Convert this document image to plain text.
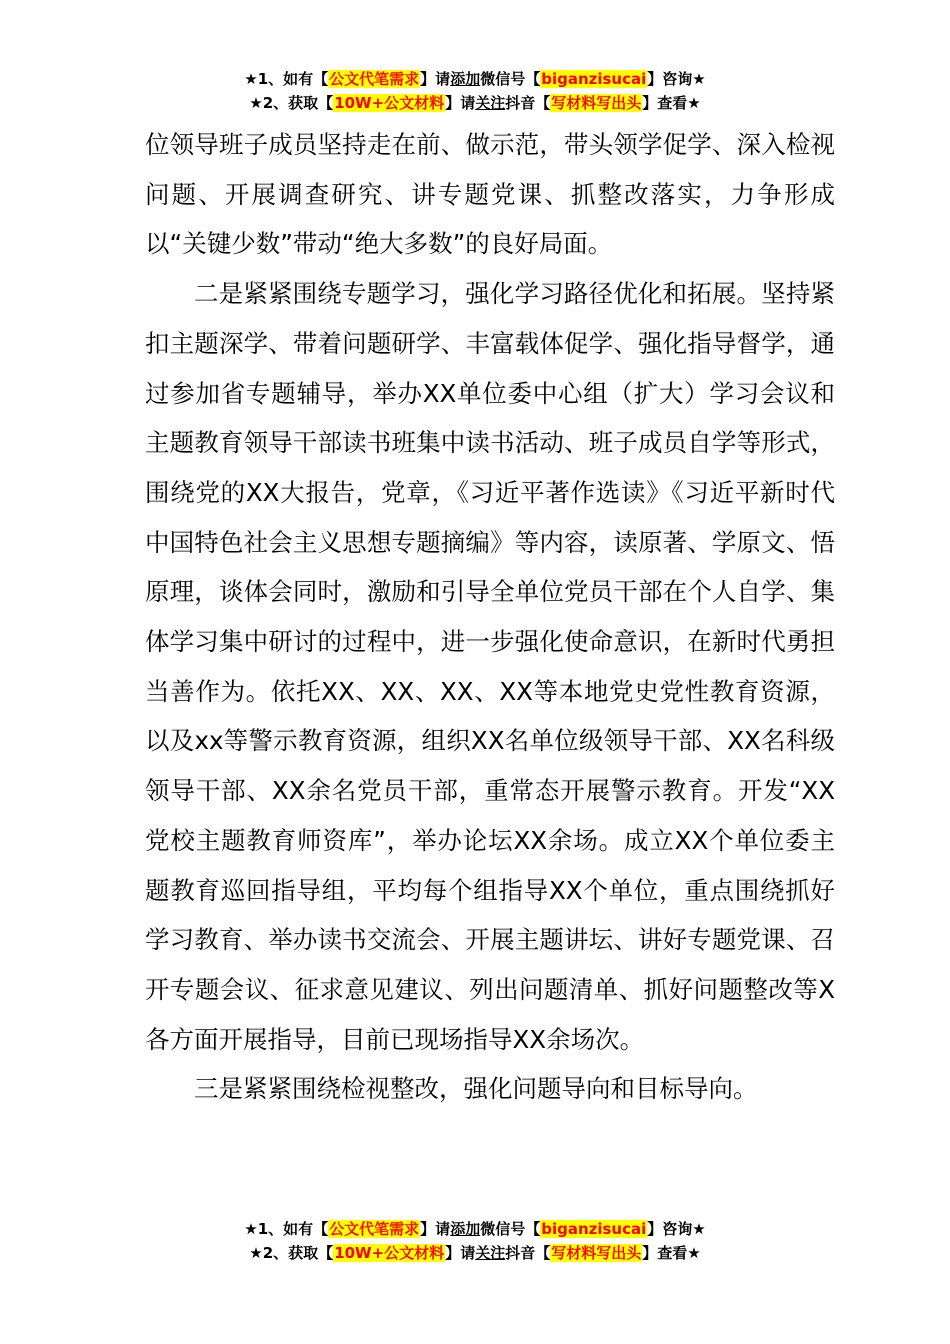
★1、如有【公文代笔需求】请添加微信号【biganzisucai】咨询★
★2、获取【10W+公文材料】请关注抖音【写材料写出头】查看★

位领导班子成员坚持走在前、做示范，带头领学促学、深入检视问题、开展调查研究、讲专题党课、抓整改落实，力争形成以“关键少数”带动“绝大多数”的良好局面。

二是紧紧围绕专题学习，强化学习路径优化和拓展。坚持紧扣主题深学、带着问题研学、丰富载体促学、强化指导督学，通过参加省专题辅导，举办XX单位委中心组（扩大）学习会议和主题教育领导干部读书班集中读书活动、班子成员自学等形式，围绕党的XX大报告，党章，《习近平著作选读》《习近平新时代中国特色社会主义思想专题摘编》等内容，读原著、学原文、悟原理，谈体会同时，激励和引导全单位党员干部在个人自学、集体学习集中研讨的过程中，进一步强化使命意识，在新时代勇担当善作为。依托XX、XX、XX、XX等本地党史党性教育资源，以及xx等警示教育资源，组织XX名单位级领导干部、XX名科级领导干部、XX余名党员干部，重常态开展警示教育。开发“XX党校主题教育师资库”，举办论坛XX余场。成立XX个单位委主题教育巡回指导组，平均每个组指导XX个单位，重点围绕抓好学习教育、举办读书交流会、开展主题讲坛、讲好专题党课、召开专题会议、征求意见建议、列出问题清单、抓好问题整改等X各方面开展指导，目前已现场指导XX余场次。

三是紧紧围绕检视整改，强化问题导向和目标导向。

★1、如有【公文代笔需求】请添加微信号【biganzisucai】咨询★
★2、获取【10W+公文材料】请关注抖音【写材料写出头】查看★
